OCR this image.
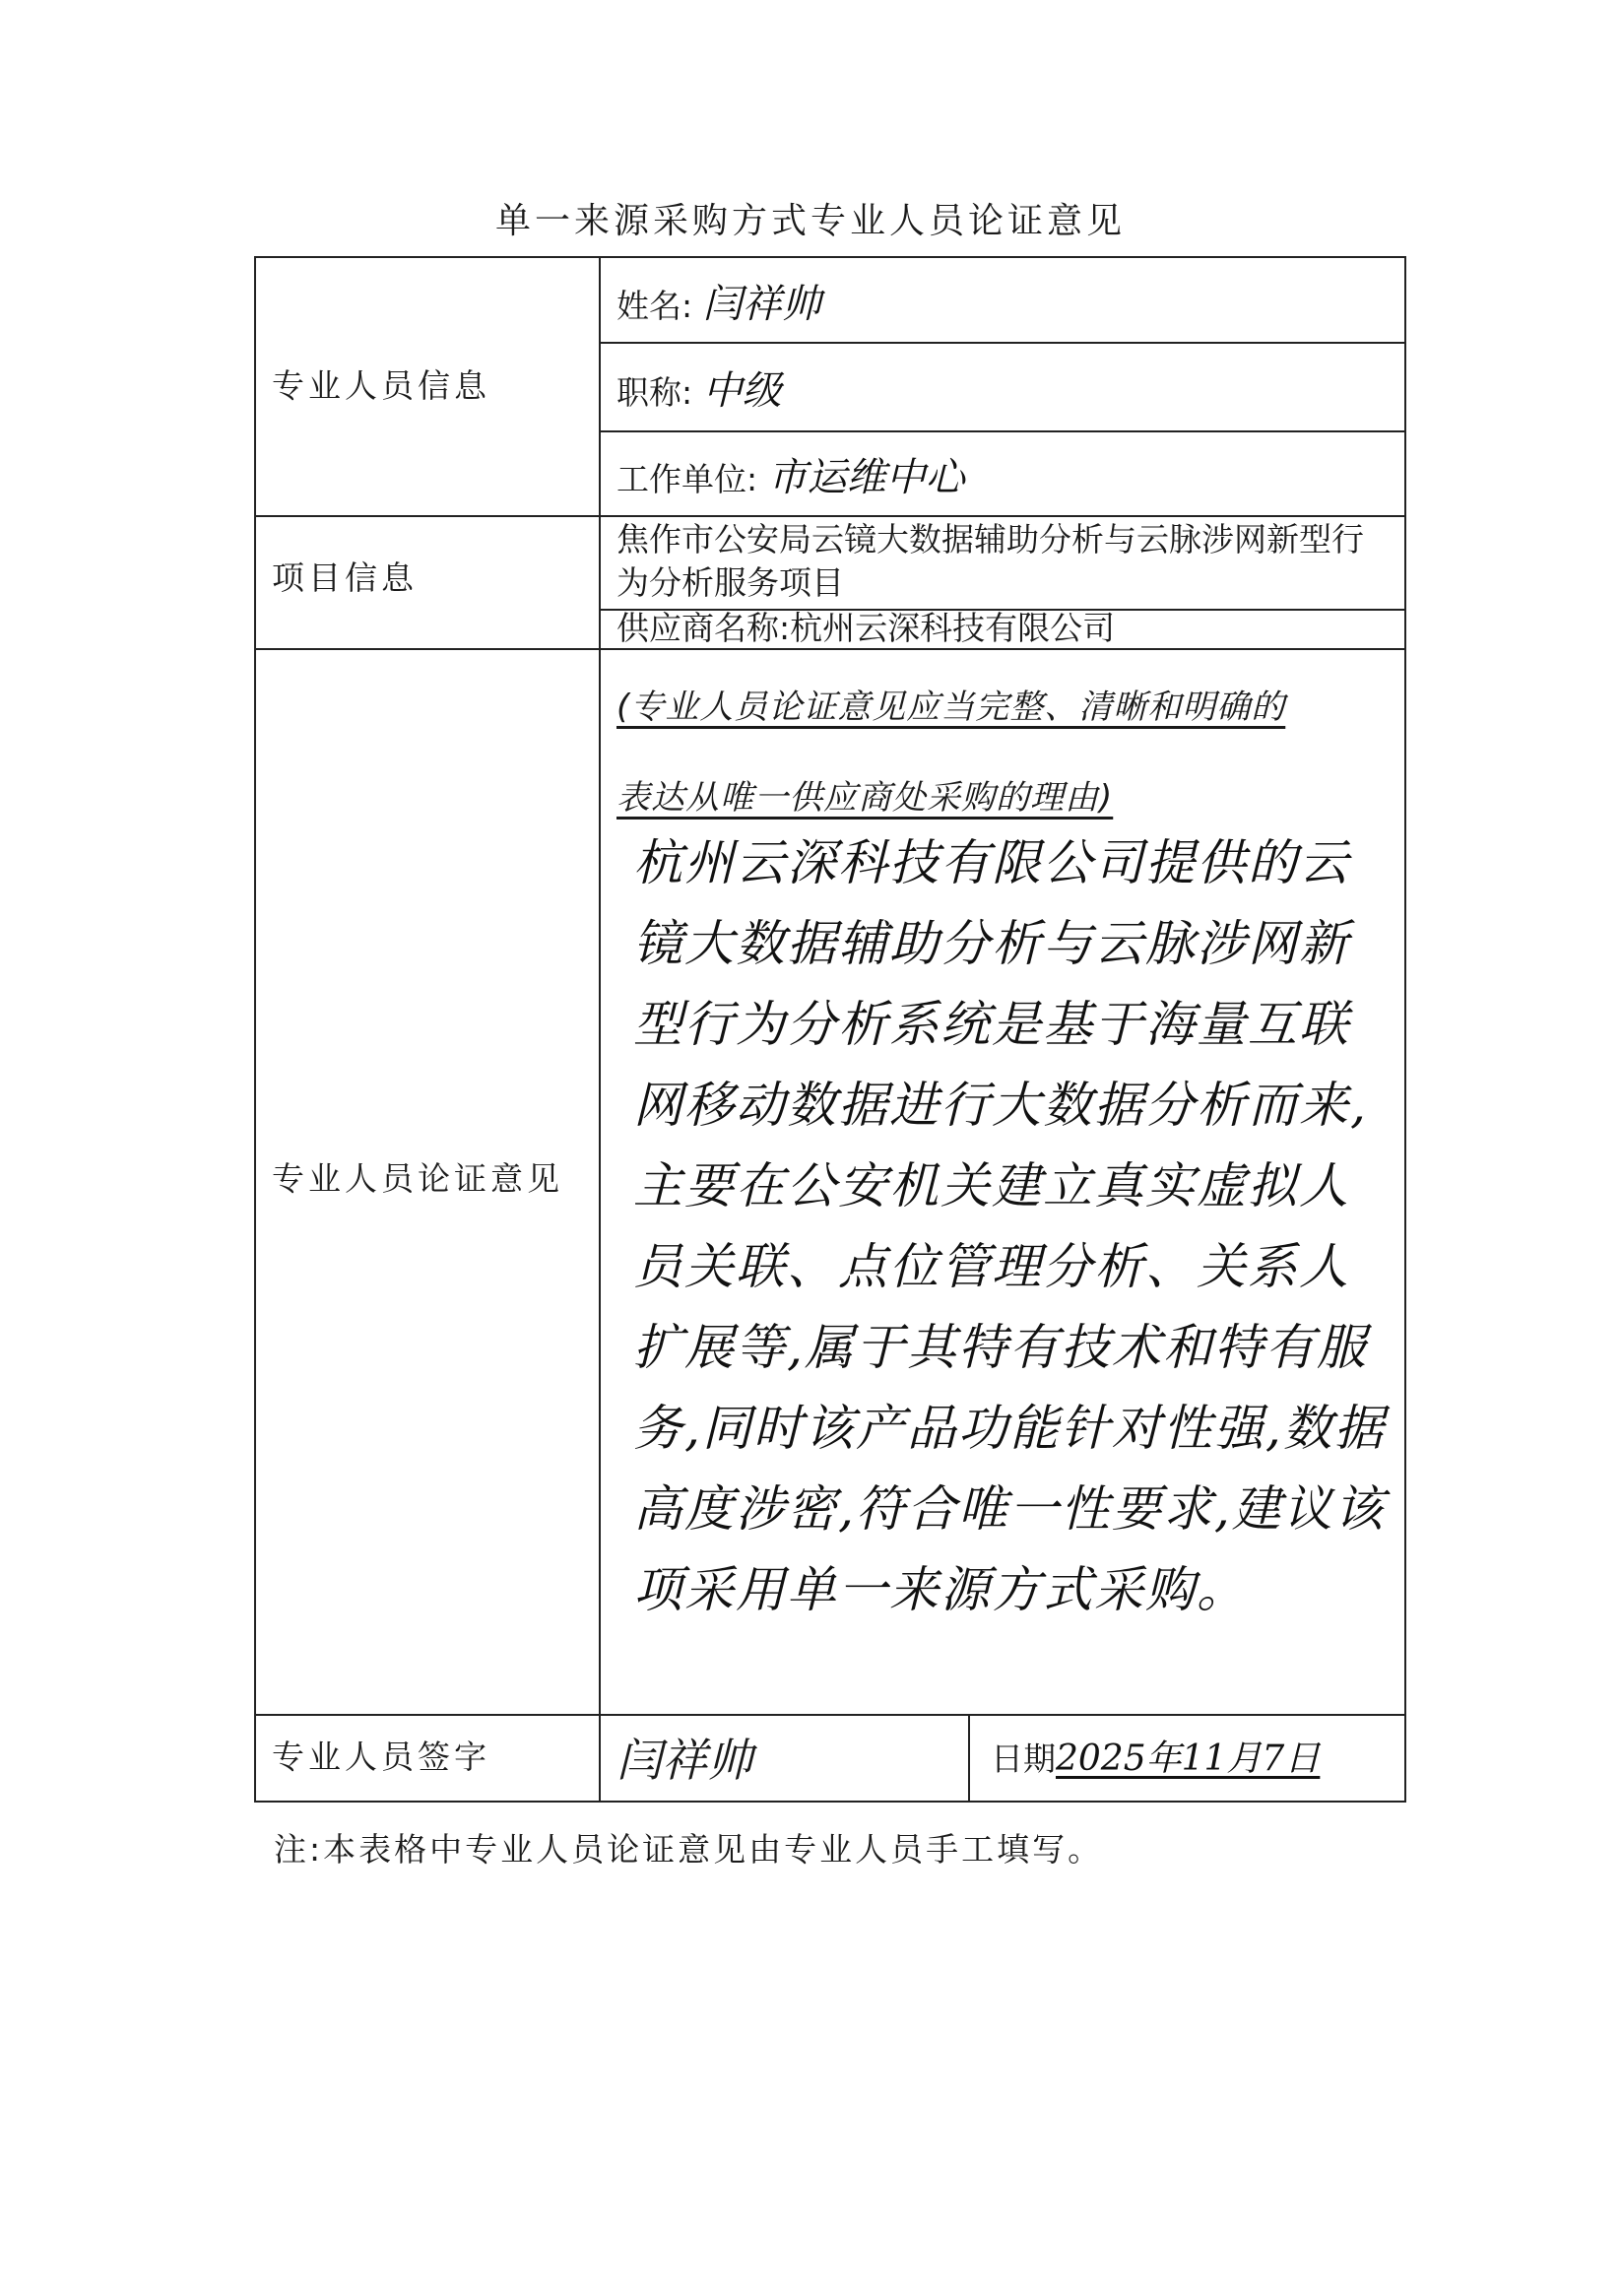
单一来源采购方式专业人员论证意见
专业人员信息
项目信息
专业人员论证意见
专业人员签字
姓名: 闫祥帅
职称: 中级
工作单位: 市运维中心
焦作市公安局云镜大数据辅助分析与云脉涉网新型行为分析服务项目
供应商名称:杭州云深科技有限公司
(专业人员论证意见应当完整、清晰和明确的
表达从唯一供应商处采购的理由)
杭州云深科技有限公司提供的云镜大数据辅助分析与云脉涉网新型行为分析系统是基于海量互联网移动数据进行大数据分析而来,主要在公安机关建立真实虚拟人员关联、点位管理分析、关系人扩展等,属于其特有技术和特有服务,同时该产品功能针对性强,数据高度涉密,符合唯一性要求,建议该项采用单一来源方式采购。
闫祥帅	日期2025年11月7日
注:本表格中专业人员论证意见由专业人员手工填写。
